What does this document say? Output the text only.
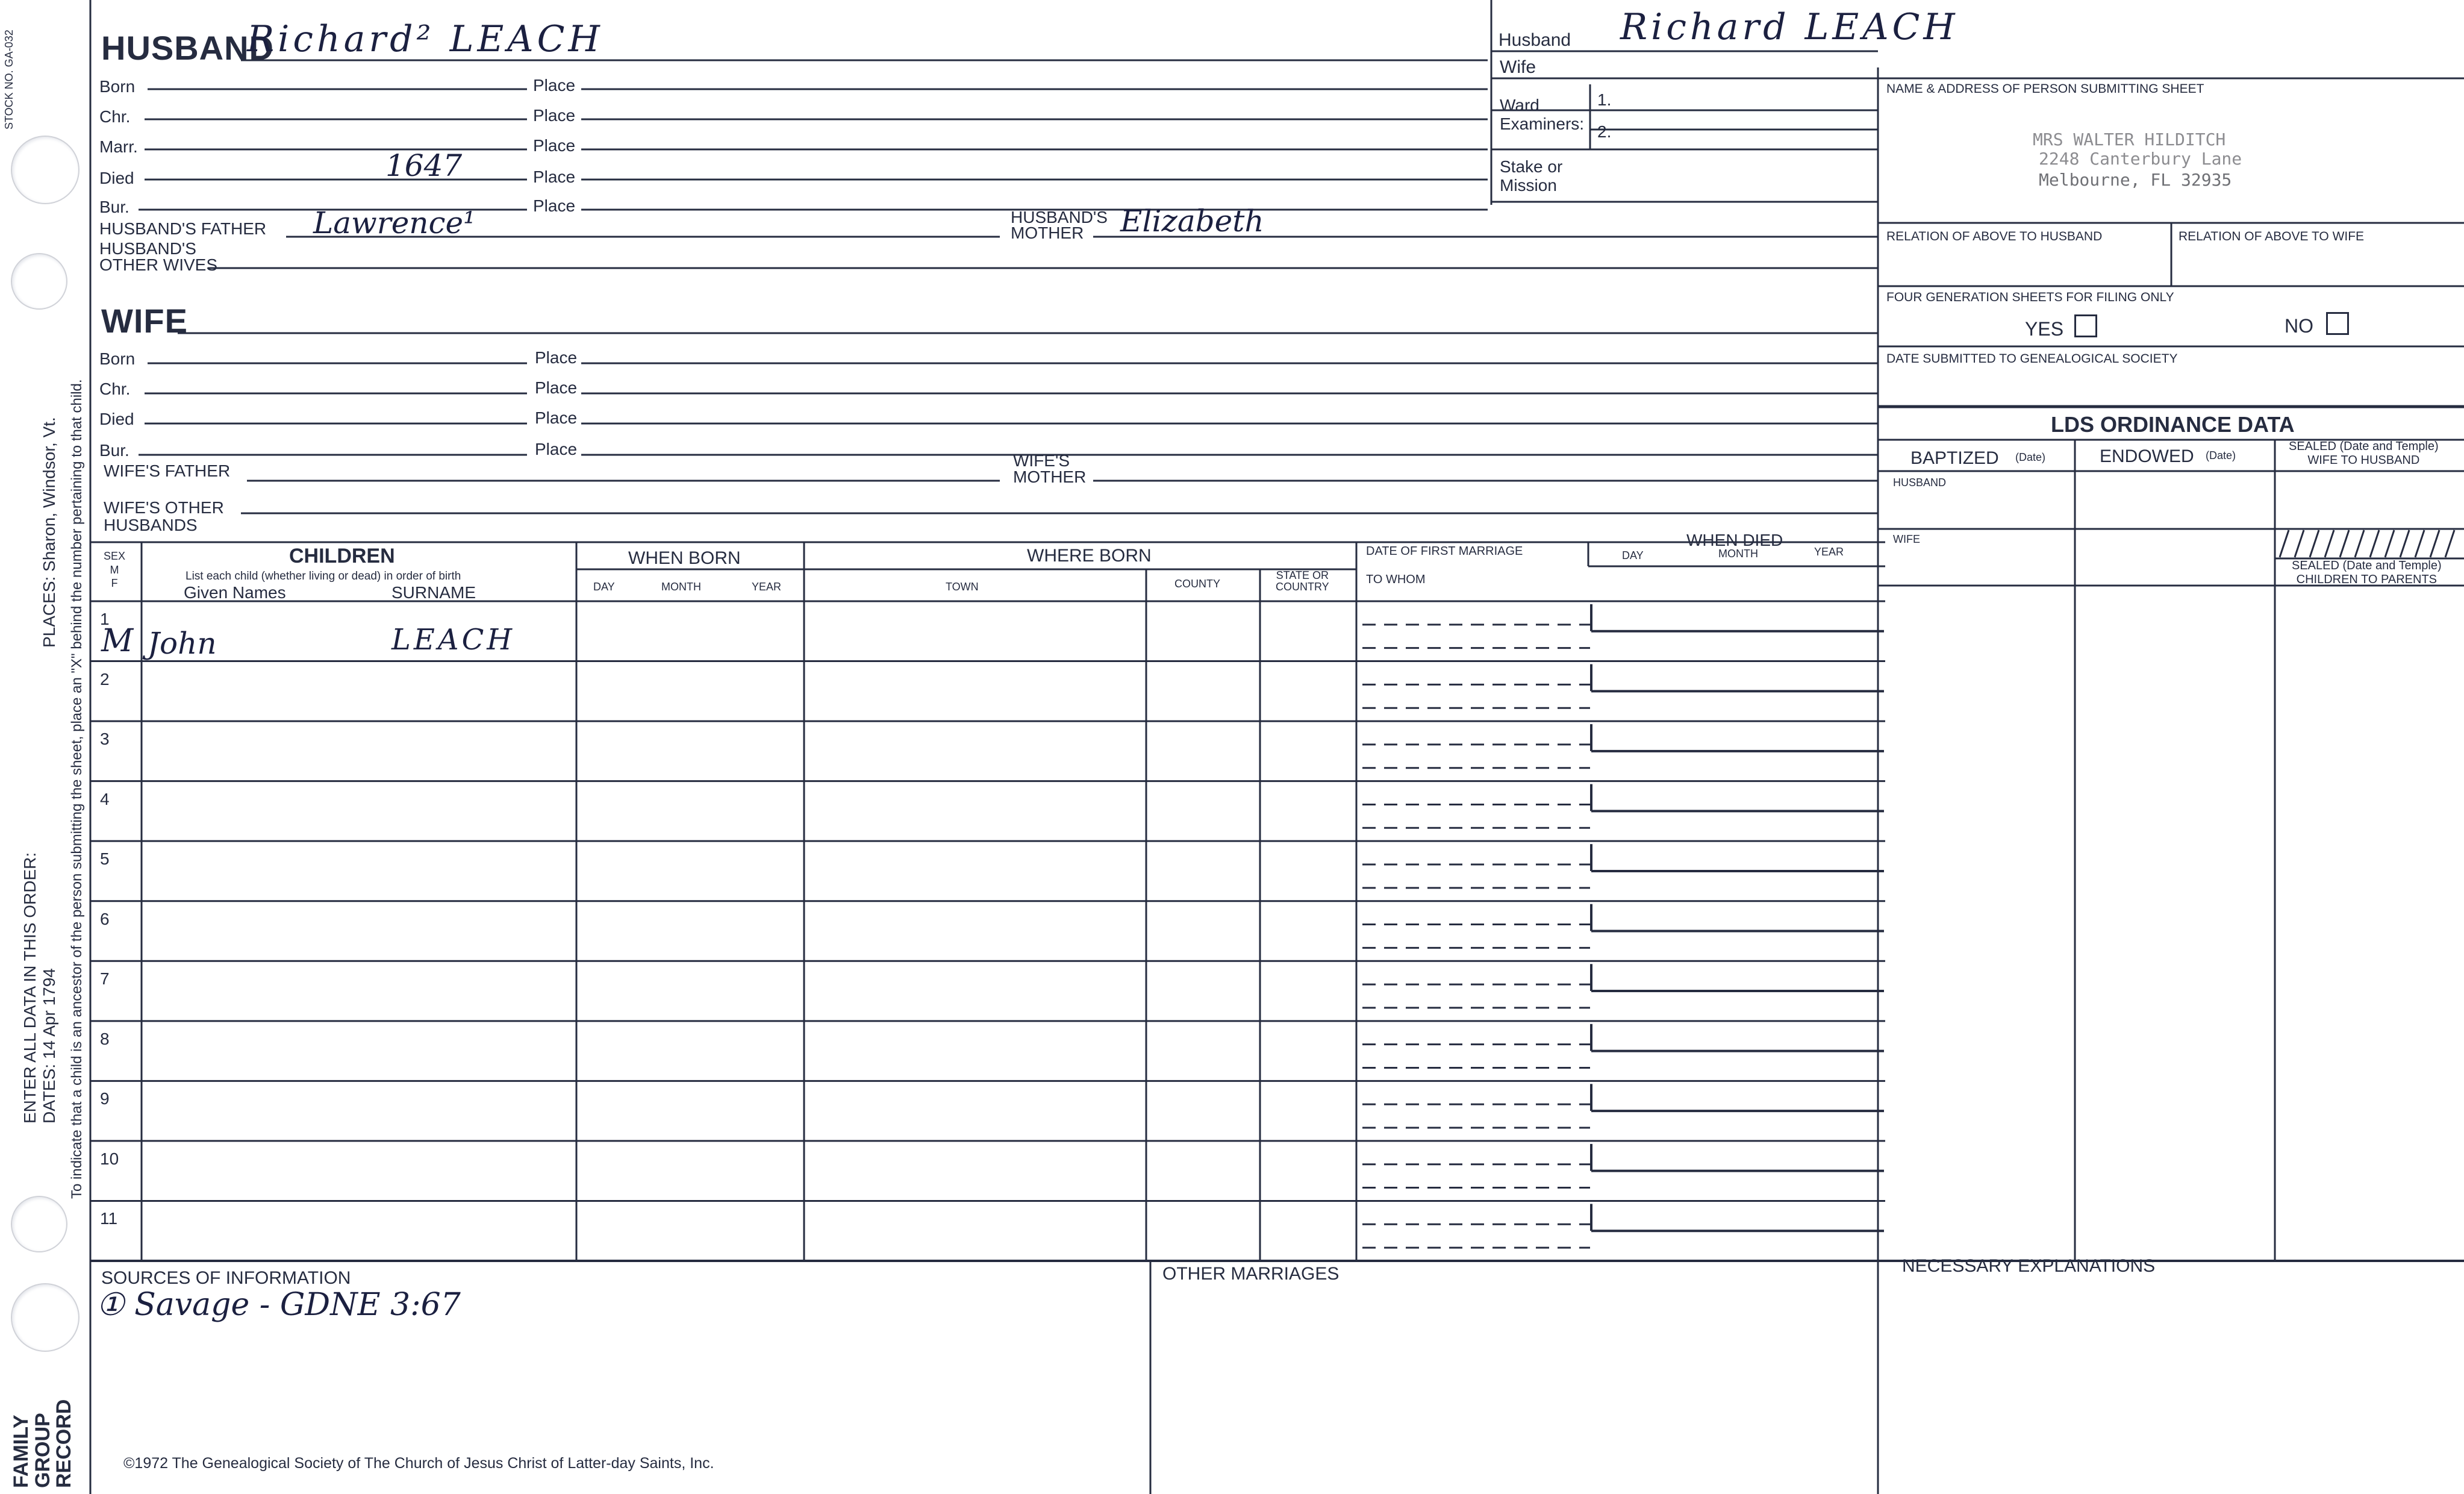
STOCK NO. GA-032
FAMILY
GROUP
RECORD
ENTER ALL DATA IN THIS ORDER: DATES: 14 Apr 1794
PLACES: Sharon, Windsor, Vt. To indicate that a child is an ancestor of the person submitting the sheet, place an "X" behind the number pertaining to that child.
HUSBAND
Richard² LEACH
Born	Place
Chr.	Place
Marr.	Place
Died	1647	Place
Bur.	Place
HUSBAND'S FATHER Lawrence¹	HUSBAND'S
MOTHER	Elizabeth
HUSBAND'S
OTHER WIVES
Husband Richard LEACH
Wife
Ward
Examiners:
1.
2.
Stake or
Mission
NAME & ADDRESS OF PERSON SUBMITTING SHEET
MRS WALTER HILDITCH
2248 Canterbury Lane
Melbourne, FL 32935
RELATION OF ABOVE TO HUSBAND	RELATION OF ABOVE TO WIFE
FOUR GENERATION SHEETS FOR FILING ONLY
YES	NO
DATE SUBMITTED TO GENEALOGICAL SOCIETY
LDS ORDINANCE DATA
BAPTIZED (Date)	ENDOWED (Date)
SEALED (Date and Temple)
WIFE TO HUSBAND
HUSBAND
WIFE
SEALED (Date and Temple)
CHILDREN TO PARENTS
WIFE
Born	Place
Chr.	Place
Died	Place
Bur.	Place
WIFE'S FATHER
WIFE'S
MOTHER
WIFE'S OTHER
HUSBANDS
SEX
M
F
CHILDREN
List each child (whether living or dead) in order of birth
Given Names	SURNAME
WHEN BORN
DAY	MONTH	YEAR
WHERE BORN
TOWN	COUNTY
STATE OR
COUNTRY
DATE OF FIRST MARRIAGE
TO WHOM
WHEN DIED
DAY	MONTH	YEAR
1
M John	LEACH
2
3
4
5
6
7
8
9
10
11
SOURCES OF INFORMATION
① Savage - GDNE 3:67
OTHER MARRIAGES	NECESSARY EXPLANATIONS
©1972 The Genealogical Society of The Church of Jesus Christ of Latter-day Saints, Inc.
